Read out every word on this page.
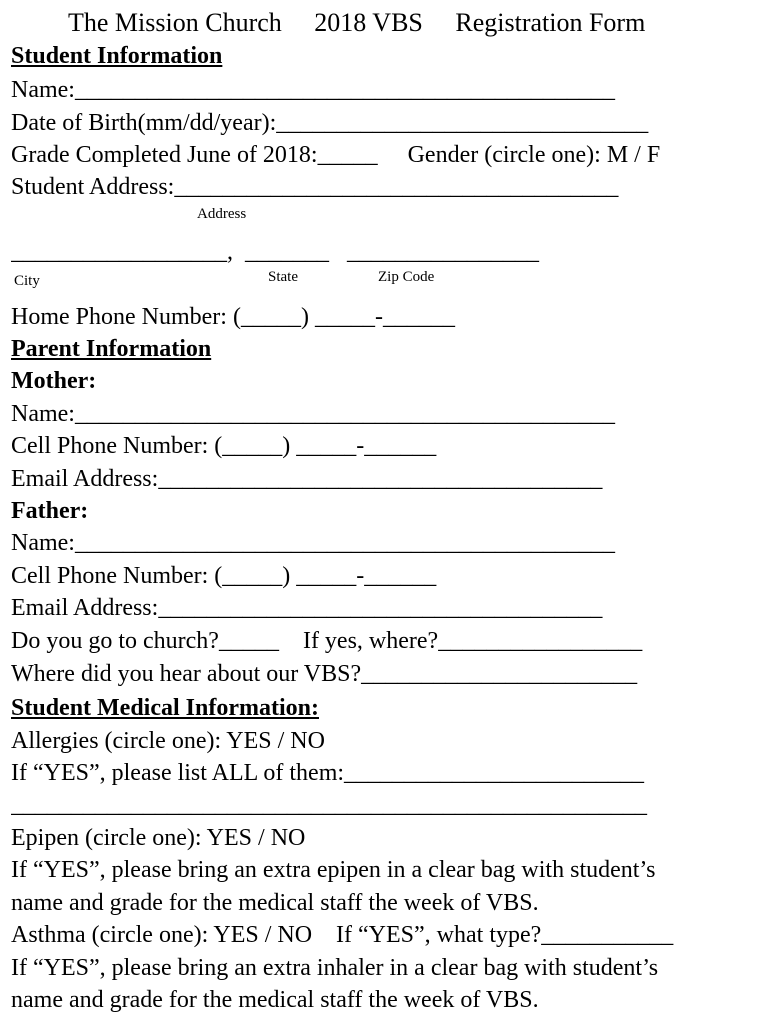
The Mission Church     2018 VBS     Registration Form
Student Information
Name:_____________________________________________
Date of Birth(mm/dd/year):_______________________________
Grade Completed June of 2018:_____     Gender (circle one): M / F
Student Address:_____________________________________
Address
__________________,  _______   ________________
City	State	Zip Code
Home Phone Number: (_____) _____-______
Parent Information
Mother:
Name:_____________________________________________
Cell Phone Number: (_____) _____-______
Email Address:_____________________________________
Father:
Name:_____________________________________________
Cell Phone Number: (_____) _____-______
Email Address:_____________________________________
Do you go to church?_____    If yes, where?_________________
Where did you hear about our VBS?_______________________
Student Medical Information:
Allergies (circle one): YES / NO
If “YES”, please list ALL of them:_________________________
_____________________________________________________
Epipen (circle one): YES / NO
If “YES”, please bring an extra epipen in a clear bag with student’s
name and grade for the medical staff the week of VBS.
Asthma (circle one): YES / NO    If “YES”, what type?___________
If “YES”, please bring an extra inhaler in a clear bag with student’s
name and grade for the medical staff the week of VBS.
